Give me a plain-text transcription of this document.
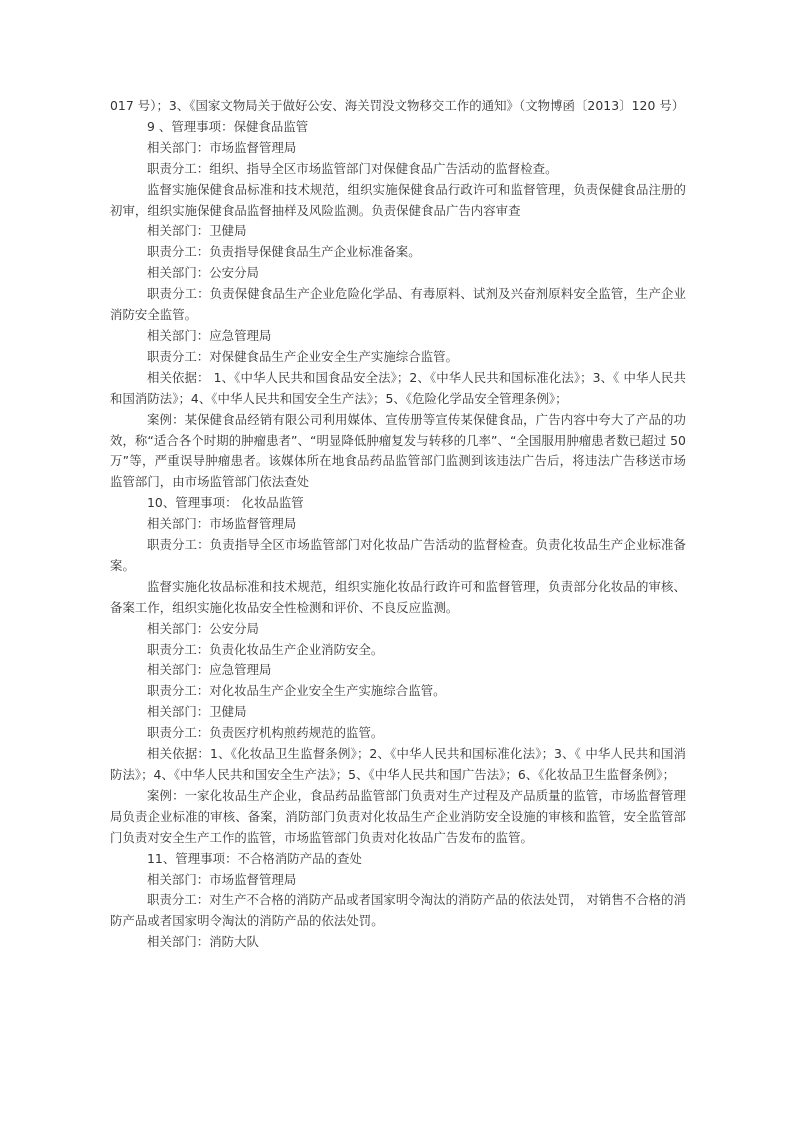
017 号）；3、《国家文物局关于做好公安、海关罚没文物移交工作的通知》（文物博函〔2013〕120 号）

9 、管理事项：保健食品监管

相关部门：市场监督管理局

职责分工：组织、指导全区市场监管部门对保健食品广告活动的监督检查。

监督实施保健食品标准和技术规范，组织实施保健食品行政许可和监督管理，负责保健食品注册的初审，组织实施保健食品监督抽样及风险监测。负责保健食品广告内容审查

相关部门：卫健局

职责分工：负责指导保健食品生产企业标准备案。

相关部门：公安分局

职责分工：负责保健食品生产企业危险化学品、有毒原料、试剂及兴奋剂原料安全监管，生产企业消防安全监管。

相关部门：应急管理局

职责分工：对保健食品生产企业安全生产实施综合监管。

相关依据： 1、《中华人民共和国食品安全法》；2、《中华人民共和国标准化法》；3、《 中华人民共和国消防法》；4、《中华人民共和国安全生产法》；5、《危险化学品安全管理条例》；

案例：某保健食品经销有限公司利用媒体、宣传册等宣传某保健食品，广告内容中夸大了产品的功效，称“适合各个时期的肿瘤患者”、“明显降低肿瘤复发与转移的几率”、“全国服用肿瘤患者数已超过 50 万”等，严重误导肿瘤患者。该媒体所在地食品药品监管部门监测到该违法广告后，将违法广告移送市场监管部门，由市场监管部门依法查处

10、管理事项： 化妆品监管

相关部门：市场监督管理局

职责分工：负责指导全区市场监管部门对化妆品广告活动的监督检查。负责化妆品生产企业标准备案。

监督实施化妆品标准和技术规范，组织实施化妆品行政许可和监督管理，负责部分化妆品的审核、备案工作，组织实施化妆品安全性检测和评价、不良反应监测。

相关部门：公安分局

职责分工：负责化妆品生产企业消防安全。

相关部门：应急管理局

职责分工：对化妆品生产企业安全生产实施综合监管。

相关部门：卫健局

职责分工：负责医疗机构煎药规范的监管。

相关依据：1、《化妆品卫生监督条例》；2、《中华人民共和国标准化法》；3、《 中华人民共和国消防法》；4、《中华人民共和国安全生产法》；5、《中华人民共和国广告法》；6、《化妆品卫生监督条例》；

案例：一家化妆品生产企业，食品药品监管部门负责对生产过程及产品质量的监管，市场监督管理局负责企业标准的审核、备案，消防部门负责对化妆品生产企业消防安全设施的审核和监管，安全监管部门负责对安全生产工作的监管，市场监管部门负责对化妆品广告发布的监管。

11、管理事项：不合格消防产品的查处

相关部门：市场监督管理局

职责分工：对生产不合格的消防产品或者国家明令淘汰的消防产品的依法处罚， 对销售不合格的消防产品或者国家明令淘汰的消防产品的依法处罚。

相关部门：消防大队
